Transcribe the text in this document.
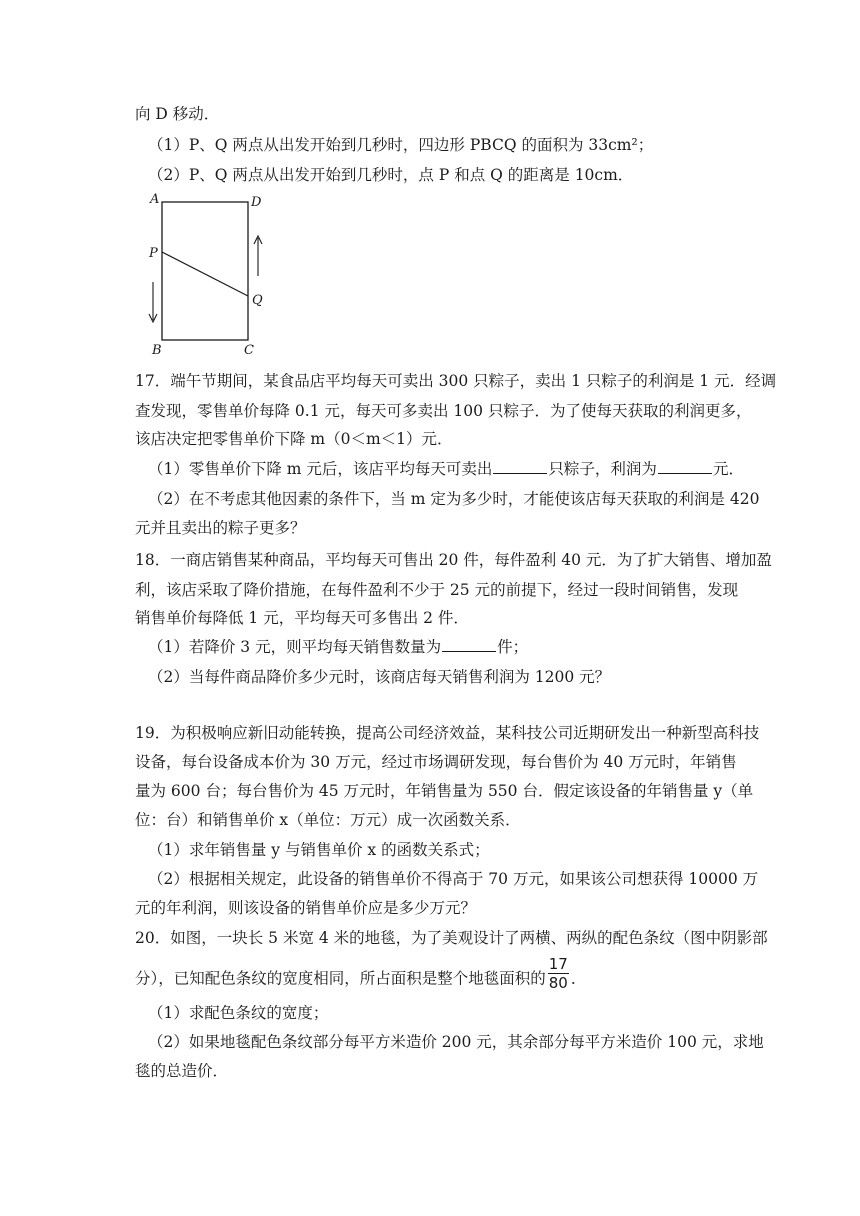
向 D 移动．
（1）P、Q 两点从出发开始到几秒时，四边形 PBCQ 的面积为 33cm²；
（2）P、Q 两点从出发开始到几秒时，点 P 和点 Q 的距离是 10cm．
A	D
P
Q
B	C
17．端午节期间，某食品店平均每天可卖出 300 只粽子，卖出 1 只粽子的利润是 1 元．经调
查发现，零售单价每降 0.1 元，每天可多卖出 100 只粽子．为了使每天获取的利润更多，
该店决定把零售单价下降 m（0＜m＜1）元．
（1）零售单价下降 m 元后，该店平均每天可卖出	只粽子，利润为	元．
（2）在不考虑其他因素的条件下，当 m 定为多少时，才能使该店每天获取的利润是 420
元并且卖出的粽子更多？
18．一商店销售某种商品，平均每天可售出 20 件，每件盈利 40 元．为了扩大销售、增加盈
利，该店采取了降价措施，在每件盈利不少于 25 元的前提下，经过一段时间销售，发现
销售单价每降低 1 元，平均每天可多售出 2 件．
（1）若降价 3 元，则平均每天销售数量为	件；
（2）当每件商品降价多少元时，该商店每天销售利润为 1200 元？
19．为积极响应新旧动能转换，提高公司经济效益，某科技公司近期研发出一种新型高科技
设备，每台设备成本价为 30 万元，经过市场调研发现，每台售价为 40 万元时，年销售
量为 600 台；每台售价为 45 万元时，年销售量为 550 台．假定该设备的年销售量 y（单
位：台）和销售单价 x（单位：万元）成一次函数关系．
（1）求年销售量 y 与销售单价 x 的函数关系式；
（2）根据相关规定，此设备的销售单价不得高于 70 万元，如果该公司想获得 10000 万
元的年利润，则该设备的销售单价应是多少万元？
20．如图，一块长 5 米宽 4 米的地毯，为了美观设计了两横、两纵的配色条纹（图中阴影部
分），已知配色条纹的宽度相同，所占面积是整个地毯面积的 $\frac{17}{80}$ ．
（1）求配色条纹的宽度；
（2）如果地毯配色条纹部分每平方米造价 200 元，其余部分每平方米造价 100 元，求地
毯的总造价．
